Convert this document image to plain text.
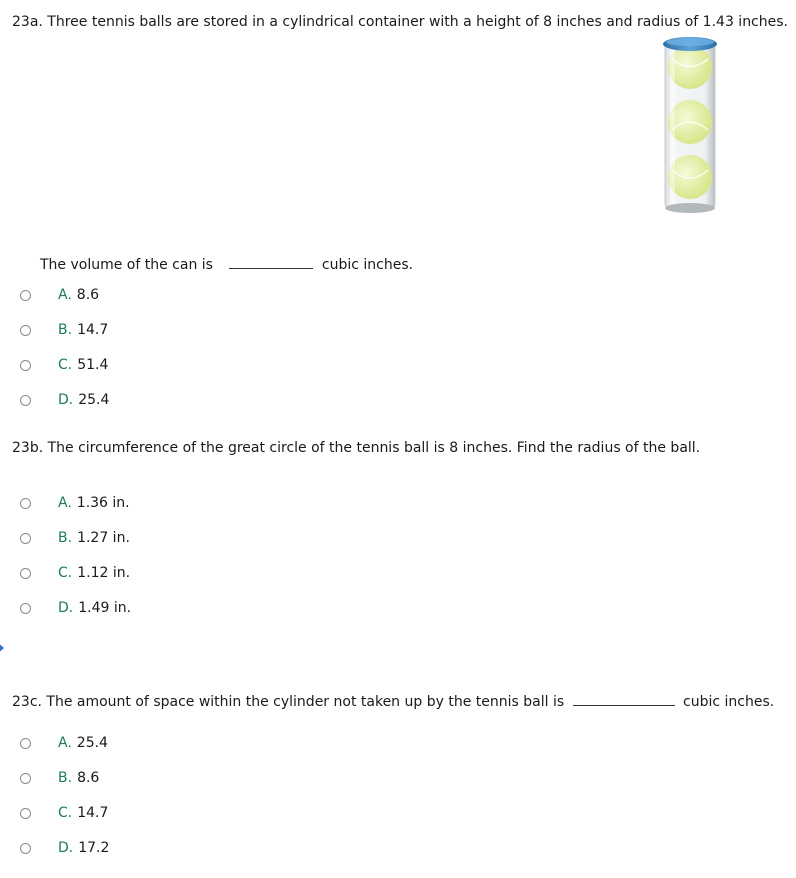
23a. Three tennis balls are stored in a cylindrical container with a height of 8 inches and radius of 1.43 inches.
The volume of the can is	cubic inches.
A. 8.6
B. 14.7
C. 51.4
D. 25.4
23b. The circumference of the great circle of the tennis ball is 8 inches. Find the radius of the ball.
A. 1.36 in.
B. 1.27 in.
C. 1.12 in.
D. 1.49 in.
23c. The amount of space within the cylinder not taken up by the tennis ball is	cubic inches.
A. 25.4
B. 8.6
C. 14.7
D. 17.2
